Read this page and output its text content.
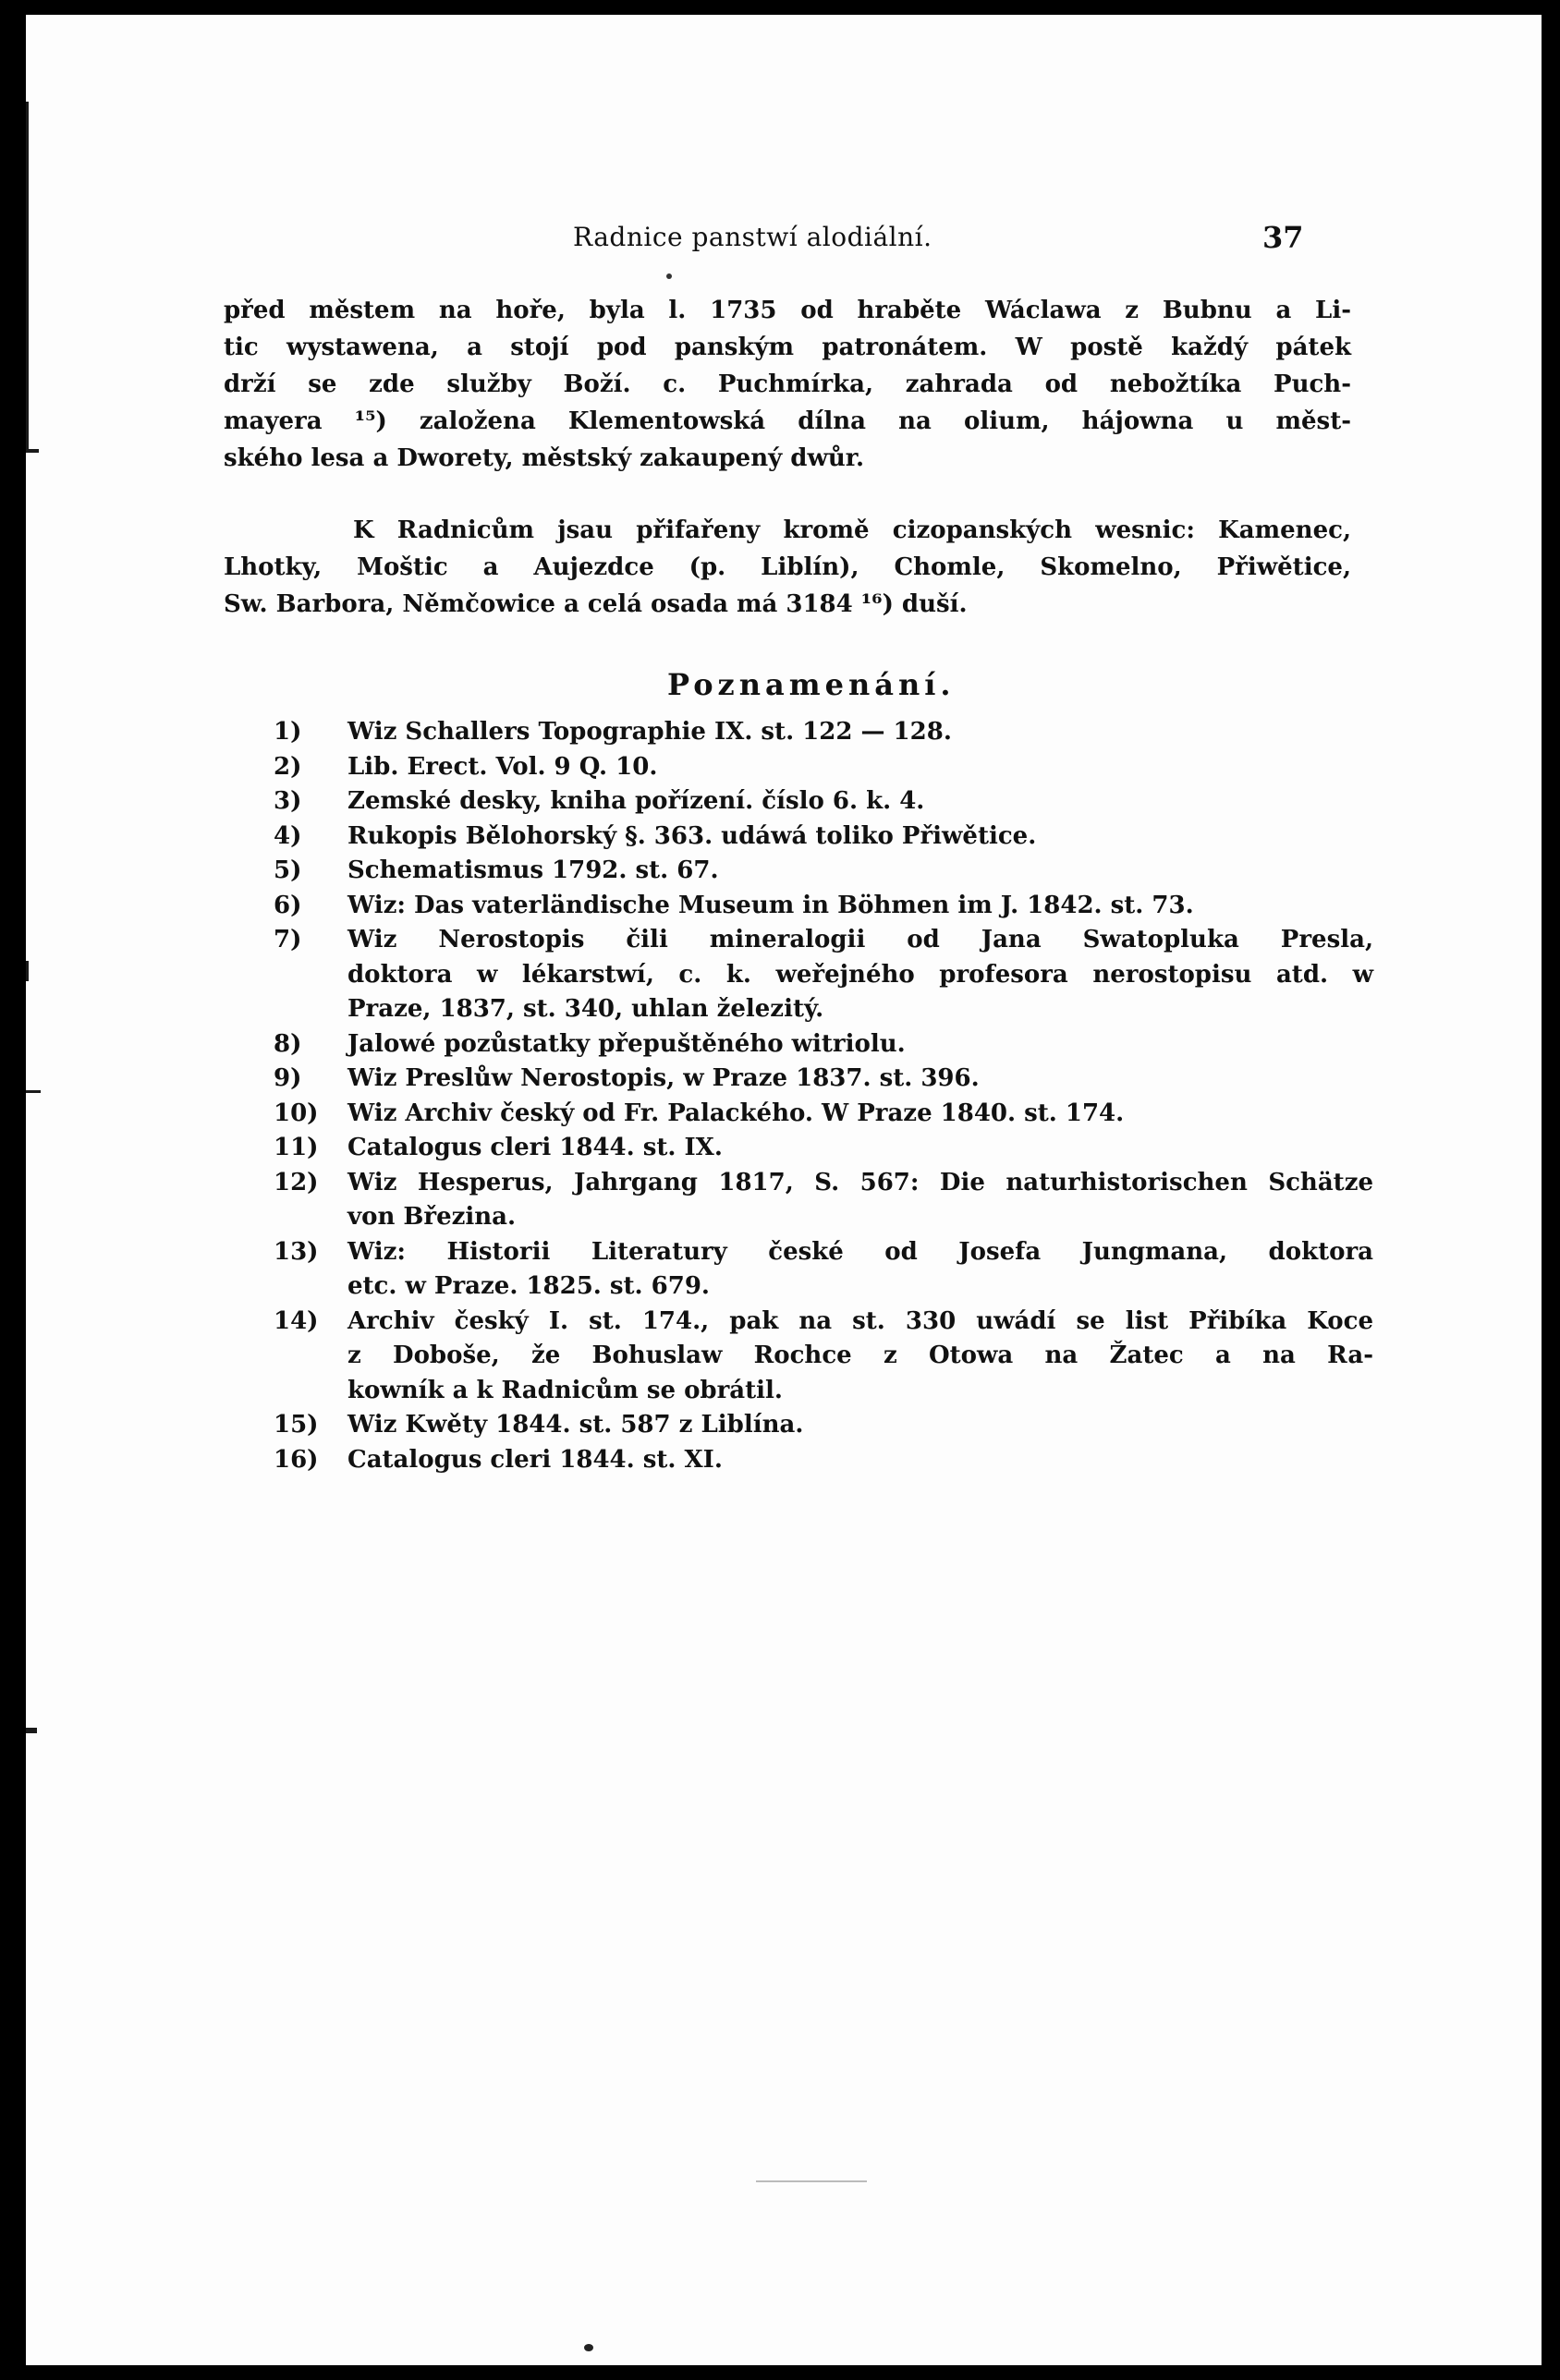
Radnice panstwí alodiální.	37
před městem na hoře, byla l. 1735 od hraběte Wáclawa z Bubnu a Li-
tic wystawena, a stojí pod panským patronátem. W postě každý pátek
drží se zde služby Boží. c. Puchmírka, zahrada od nebožtíka Puch-
mayera ¹⁵) založena Klementowská dílna na olium, hájowna u měst-
ského lesa a Dworety, městský zakaupený dwůr.
K Radnicům jsau přifařeny kromě cizopanských wesnic: Kamenec,
Lhotky, Moštic a Aujezdce (p. Liblín), Chomle, Skomelno, Přiwětice,
Sw. Barbora, Němčowice a celá osada má 3184 ¹⁶) duší.
Poznamenání.
1) Wiz Schallers Topographie IX. st. 122 — 128.
2) Lib. Erect. Vol. 9 Q. 10.
3) Zemské desky, kniha pořízení. číslo 6. k. 4.
4) Rukopis Bělohorský §. 363. udáwá toliko Přiwětice.
5) Schematismus 1792. st. 67.
6) Wiz: Das vaterländische Museum in Böhmen im J. 1842. st. 73.
7) Wiz Nerostopis čili mineralogii od Jana Swatopluka Presla,
doktora w lékarstwí, c. k. weřejného profesora nerostopisu atd. w
Praze, 1837, st. 340, uhlan železitý.
8) Jalowé pozůstatky přepuštěného witriolu.
9) Wiz Preslůw Nerostopis, w Praze 1837. st. 396.
10) Wiz Archiv český od Fr. Palackého. W Praze 1840. st. 174.
11) Catalogus cleri 1844. st. IX.
12) Wiz Hesperus, Jahrgang 1817, S. 567: Die naturhistorischen Schätze
von Březina.
13) Wiz: Historii Literatury české od Josefa Jungmana, doktora
etc. w Praze. 1825. st. 679.
14) Archiv český I. st. 174., pak na st. 330 uwádí se list Přibíka Koce
z Doboše, že Bohuslaw Rochce z Otowa na Žatec a na Ra-
kowník a k Radnicům se obrátil.
15) Wiz Kwěty 1844. st. 587 z Liblína.
16) Catalogus cleri 1844. st. XI.
